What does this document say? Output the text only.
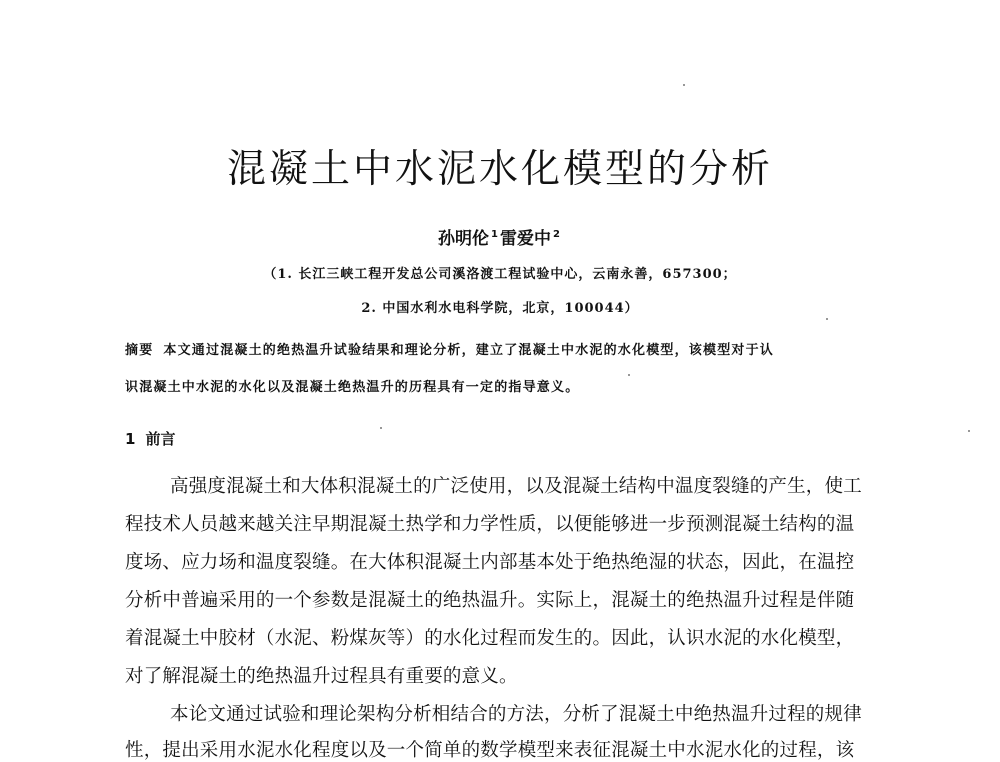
混凝土中水泥水化模型的分析
孙明伦 $^1$ 雷爱中 $^2$
（1. 长江三峡工程开发总公司溪洛渡工程试验中心，云南永善，657300；
2. 中国水利水电科学院，北京，100044）
摘要 本文通过混凝土的绝热温升试验结果和理论分析，建立了混凝土中水泥的水化模型，该模型对于认
识混凝土中水泥的水化以及混凝土绝热温升的历程具有一定的指导意义。
1 前言
高强度混凝土和大体积混凝土的广泛使用，以及混凝土结构中温度裂缝的产生，使工
程技术人员越来越关注早期混凝土热学和力学性质，以便能够进一步预测混凝土结构的温
度场、应力场和温度裂缝。在大体积混凝土内部基本处于绝热绝湿的状态，因此，在温控
分析中普遍采用的一个参数是混凝土的绝热温升。实际上，混凝土的绝热温升过程是伴随
着混凝土中胶材（水泥、粉煤灰等）的水化过程而发生的。因此，认识水泥的水化模型，
对了解混凝土的绝热温升过程具有重要的意义。
本论文通过试验和理论架构分析相结合的方法，分析了混凝土中绝热温升过程的规律
性，提出采用水泥水化程度以及一个简单的数学模型来表征混凝土中水泥水化的过程，该
